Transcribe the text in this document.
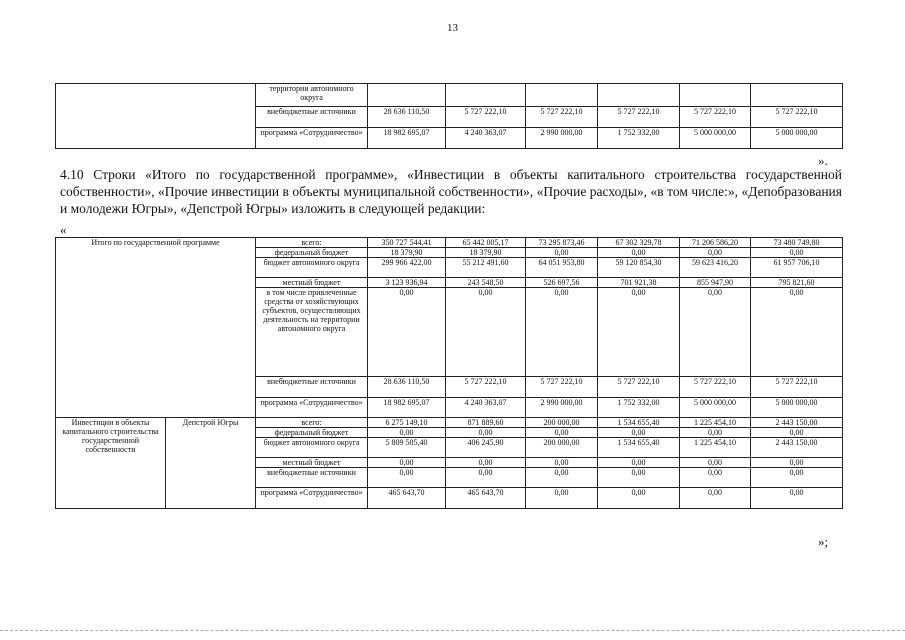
13
	территории автономного округа						
	внебюджетные источники	28 636 110,50	5 727 222,10	5 727 222,10	5 727 222,10	5 727 222,10	5 727 222,10
	программа «Сотрудничество»	18 982 695,07	4 240 363,07	2 990 000,00	1 752 332,00	5 000 000,00	5 000 000,00
».

4.10 Строки «Итого по государственной программе», «Инвестиции в объекты капитального строительства государственной собственности», «Прочие инвестиции в объекты муниципальной собственности», «Прочие расходы», «в том числе:», «Депобразования и молодежи Югры», «Депстрой Югры» изложить в следующей редакции:

«
Итого по государственной программе		всего:	350 727 544,41	65 442 005,17	73 295 873,46	67 302 329,78	71 206 586,20	73 480 749,80
		федеральный бюджет	18 379,90	18 379,90	0,00	0,00	0,00	0,00
		бюджет автономного округа	299 966 422,00	55 212 491,60	64 051 953,80	59 120 854,30	59 623 416,20	61 957 706,10
		местный бюджет	3 123 936,94	243 548,50	526 697,56	701 921,38	855 947,90	795 821,60
		в том числе привлеченные средства от хозяйствующих субъектов, осуществляющих деятельность на территории автономного округа	0,00	0,00	0,00	0,00	0,00	0,00
		внебюджетные источники	28 636 110,50	5 727 222,10	5 727 222,10	5 727 222,10	5 727 222,10	5 727 222,10
		программа «Сотрудничество»	18 982 695,07	4 240 363,07	2 990 000,00	1 752 332,00	5 000 000,00	5 000 000,00
Инвестиции в объекты капитального строительства государственной собственности	Депстрой Югры	всего:	6 275 149,10	871 889,60	200 000,00	1 534 655,40	1 225 454,10	2 443 150,00
		федеральный бюджет	0,00	0,00	0,00	0,00	0,00	0,00
		бюджет автономного округа	5 809 505,40	406 245,90	200 000,00	1 534 655,40	1 225 454,10	2 443 150,00
		местный бюджет	0,00	0,00	0,00	0,00	0,00	0,00
		внебюджетные источники	0,00	0,00	0,00	0,00	0,00	0,00
		программа «Сотрудничество»	465 643,70	465 643,70	0,00	0,00	0,00	0,00
»;
